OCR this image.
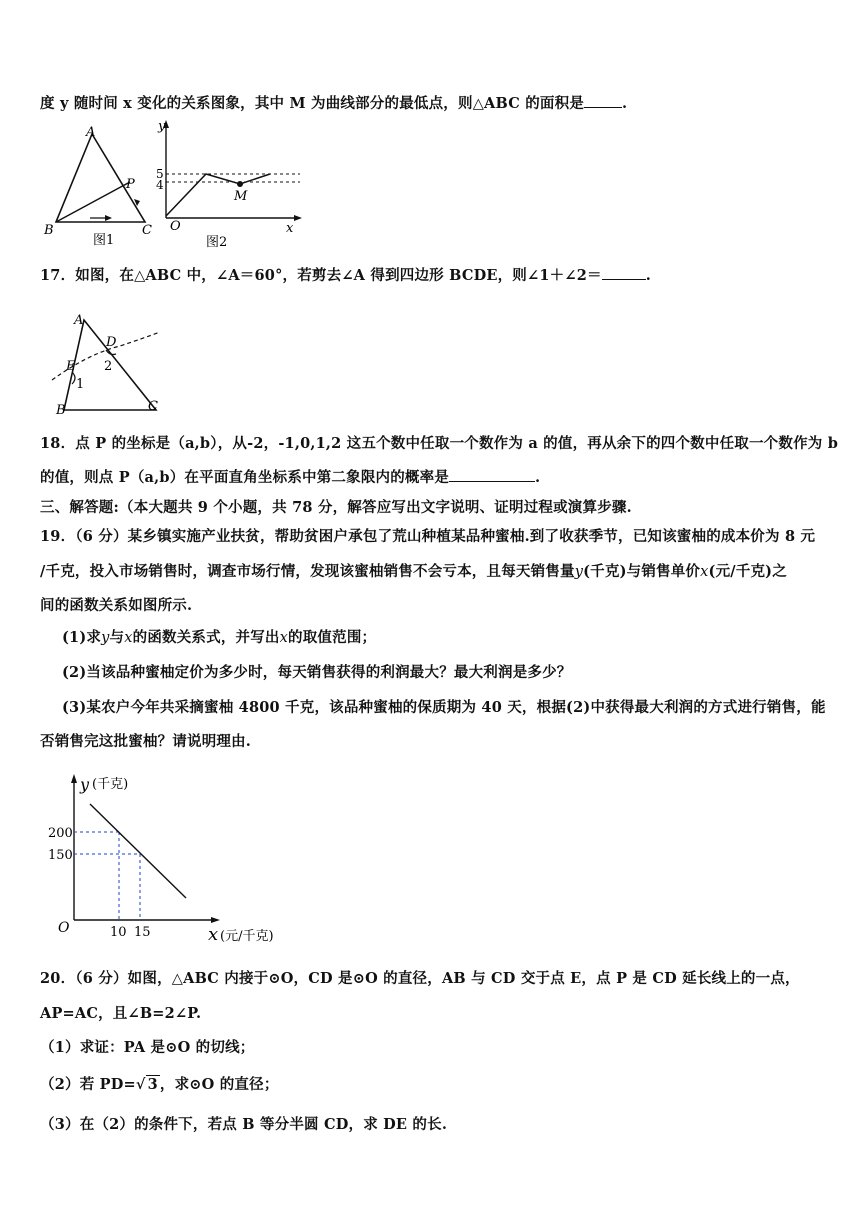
度 y 随时间 x 变化的关系图象，其中 M 为曲线部分的最低点，则△ABC 的面积是	.
A
B	C
P
图1
y
5
4
M
O	x
图2
17．如图，在△ABC 中，∠A＝60°，若剪去∠A 得到四边形 BCDE，则∠1＋∠2＝	.
A
D
E 2
1
B	C
18．点 P 的坐标是（a,b），从-2，-1,0,1,2 这五个数中任取一个数作为 a 的值，再从余下的四个数中任取一个数作为 b
的值，则点 P（a,b）在平面直角坐标系中第二象限内的概率是	.
三、解答题:（本大题共 9 个小题，共 78 分，解答应写出文字说明、证明过程或演算步骤.
19．（6 分）某乡镇实施产业扶贫，帮助贫困户承包了荒山种植某品种蜜柚.到了收获季节，已知该蜜柚的成本价为 8 元
/千克，投入市场销售时，调查市场行情，发现该蜜柚销售不会亏本，且每天销售量y(千克)与销售单价x(元/千克)之
间的函数关系如图所示.
(1)求y与x的函数关系式，并写出x的取值范围；
(2)当该品种蜜柚定价为多少时，每天销售获得的利润最大？最大利润是多少？
(3)某农户今年共采摘蜜柚 4800 千克，该品种蜜柚的保质期为 40 天，根据(2)中获得最大利润的方式进行销售，能
否销售完这批蜜柚？请说明理由.
y (千克)
200
150
O	10 15	x (元/千克)
20．（6 分）如图，△ABC 内接于⊙O，CD 是⊙O 的直径，AB 与 CD 交于点 E，点 P 是 CD 延长线上的一点，
AP=AC，且∠B=2∠P.
（1）求证：PA 是⊙O 的切线；
（2）若 PD=√ 3 ，求⊙O 的直径；
（3）在（2）的条件下，若点 B 等分半圆 CD，求 DE 的长.
